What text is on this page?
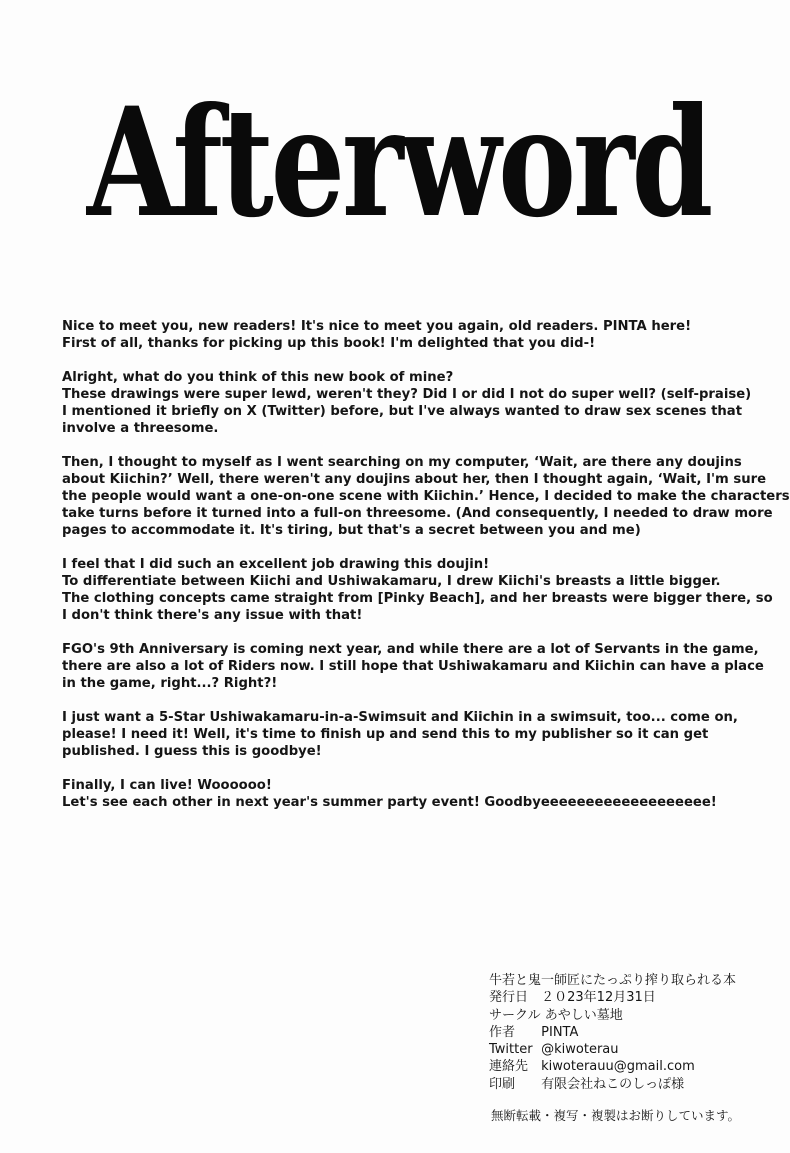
Afterword
Nice to meet you, new readers! It's nice to meet you again, old readers. PINTA here!
First of all, thanks for picking up this book! I'm delighted that you did-!
Alright, what do you think of this new book of mine?
These drawings were super lewd, weren't they? Did I or did I not do super well? (self-praise)
I mentioned it briefly on X (Twitter) before, but I've always wanted to draw sex scenes that
involve a threesome.
Then, I thought to myself as I went searching on my computer, ‘Wait, are there any doujins
about Kiichin?’ Well, there weren't any doujins about her, then I thought again, ‘Wait, I'm sure
the people would want a one-on-one scene with Kiichin.’ Hence, I decided to make the characters
take turns before it turned into a full-on threesome. (And consequently, I needed to draw more
pages to accommodate it. It's tiring, but that's a secret between you and me)
I feel that I did such an excellent job drawing this doujin!
To differentiate between Kiichi and Ushiwakamaru, I drew Kiichi's breasts a little bigger.
The clothing concepts came straight from [Pinky Beach], and her breasts were bigger there, so
I don't think there's any issue with that!
FGO's 9th Anniversary is coming next year, and while there are a lot of Servants in the game,
there are also a lot of Riders now. I still hope that Ushiwakamaru and Kiichin can have a place
in the game, right...? Right?!
I just want a 5-Star Ushiwakamaru-in-a-Swimsuit and Kiichin in a swimsuit, too... come on,
please! I need it! Well, it's time to finish up and send this to my publisher so it can get
published. I guess this is goodbye!
Finally, I can live! Woooooo!
Let's see each other in next year's summer party event! Goodbyeeeeeeeeeeeeeeeeeee!
牛若と鬼一師匠にたっぷり搾り取られる本
発行日 ２０23年12月31日
サークル あやしい墓地
作者 PINTA
Twitter @kiwoterau
連絡先 kiwoterauu@gmail.com
印刷 有限会社ねこのしっぽ様
無断転載・複写・複製はお断りしています。
